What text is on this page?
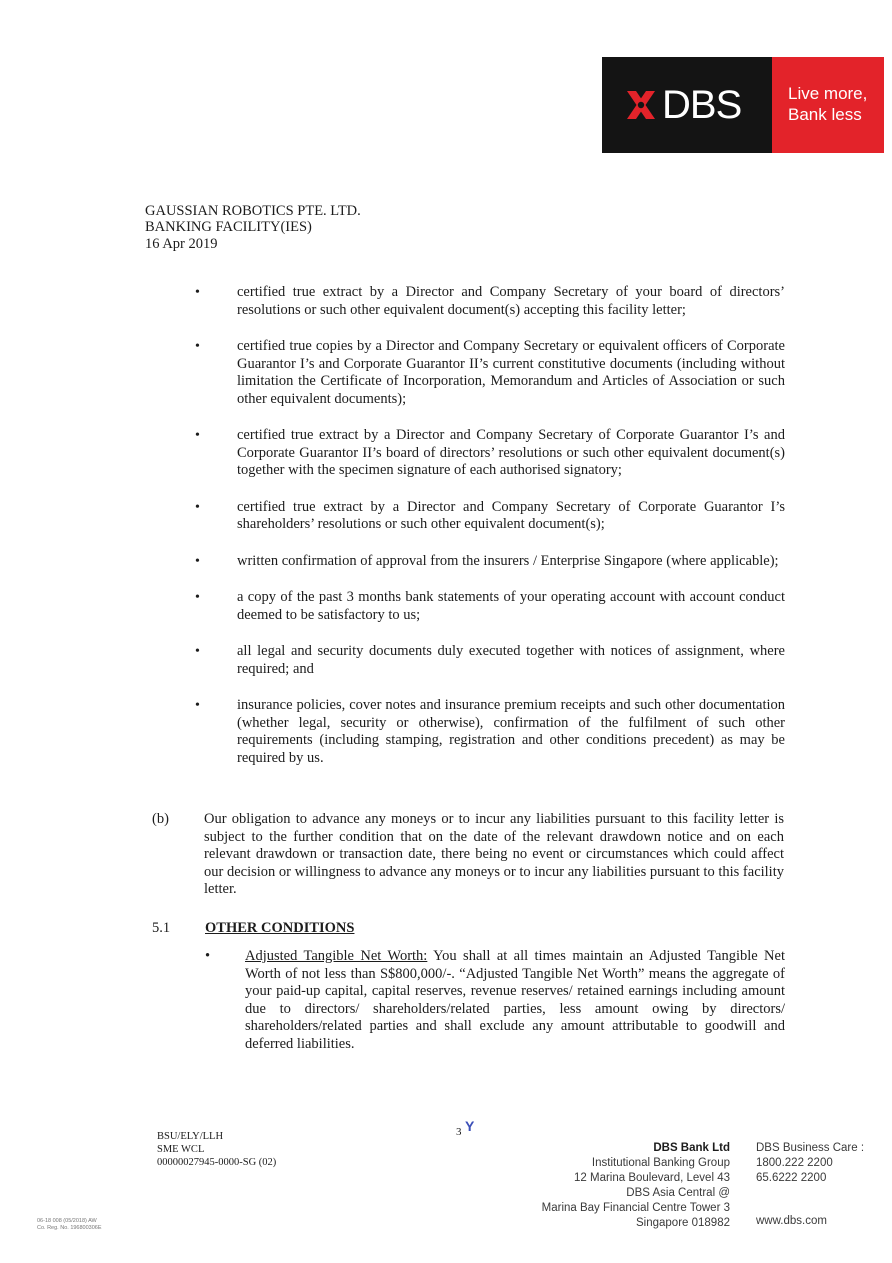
DBS	Live more,
Bank less
GAUSSIAN ROBOTICS PTE. LTD.
BANKING FACILITY(IES)
16 Apr 2019
•	certified true extract by a Director and Company Secretary of your board of directors’ resolutions or such other equivalent document(s) accepting this facility letter;
•	certified true copies by a Director and Company Secretary or equivalent officers of Corporate Guarantor I’s and Corporate Guarantor II’s current constitutive documents (including without limitation the Certificate of Incorporation, Memorandum and Articles of Association or such other equivalent documents);
•	certified true extract by a Director and Company Secretary of Corporate Guarantor I’s and Corporate Guarantor II’s board of directors’ resolutions or such other equivalent document(s) together with the specimen signature of each authorised signatory;
•	certified true extract by a Director and Company Secretary of Corporate Guarantor I’s shareholders’ resolutions or such other equivalent document(s);
•	written confirmation of approval from the insurers / Enterprise Singapore (where applicable);
•	a copy of the past 3 months bank statements of your operating account with account conduct deemed to be satisfactory to us;
•	all legal and security documents duly executed together with notices of assignment, where required; and
•	insurance policies, cover notes and insurance premium receipts and such other documentation (whether legal, security or otherwise), confirmation of the fulfilment of such other requirements (including stamping, registration and other conditions precedent) as may be required by us.
(b) Our obligation to advance any moneys or to incur any liabilities pursuant to this facility letter is subject to the further condition that on the date of the relevant drawdown notice and on each relevant drawdown or transaction date, there being no event or circumstances which could affect our decision or willingness to advance any moneys or to incur any liabilities pursuant to this facility letter.
5.1 OTHER CONDITIONS
• Adjusted Tangible Net Worth: You shall at all times maintain an Adjusted Tangible Net Worth of not less than S$800,000/-. “Adjusted Tangible Net Worth” means the aggregate of your paid-up capital, capital reserves, revenue reserves/ retained earnings including amount due to directors/ shareholders/related parties, less amount owing by directors/ shareholders/related parties and shall exclude any amount attributable to goodwill and deferred liabilities.
BSU/ELY/LLH
SME WCL
00000027945-0000-SG (02)
3 Y
DBS Bank Ltd
Institutional Banking Group
12 Marina Boulevard, Level 43
DBS Asia Central @
Marina Bay Financial Centre Tower 3
Singapore 018982
DBS Business Care :
1800.222 2200
65.6222 2200
www.dbs.com
06-18 008 (05/2018) AW
Co. Reg. No. 196800306E
